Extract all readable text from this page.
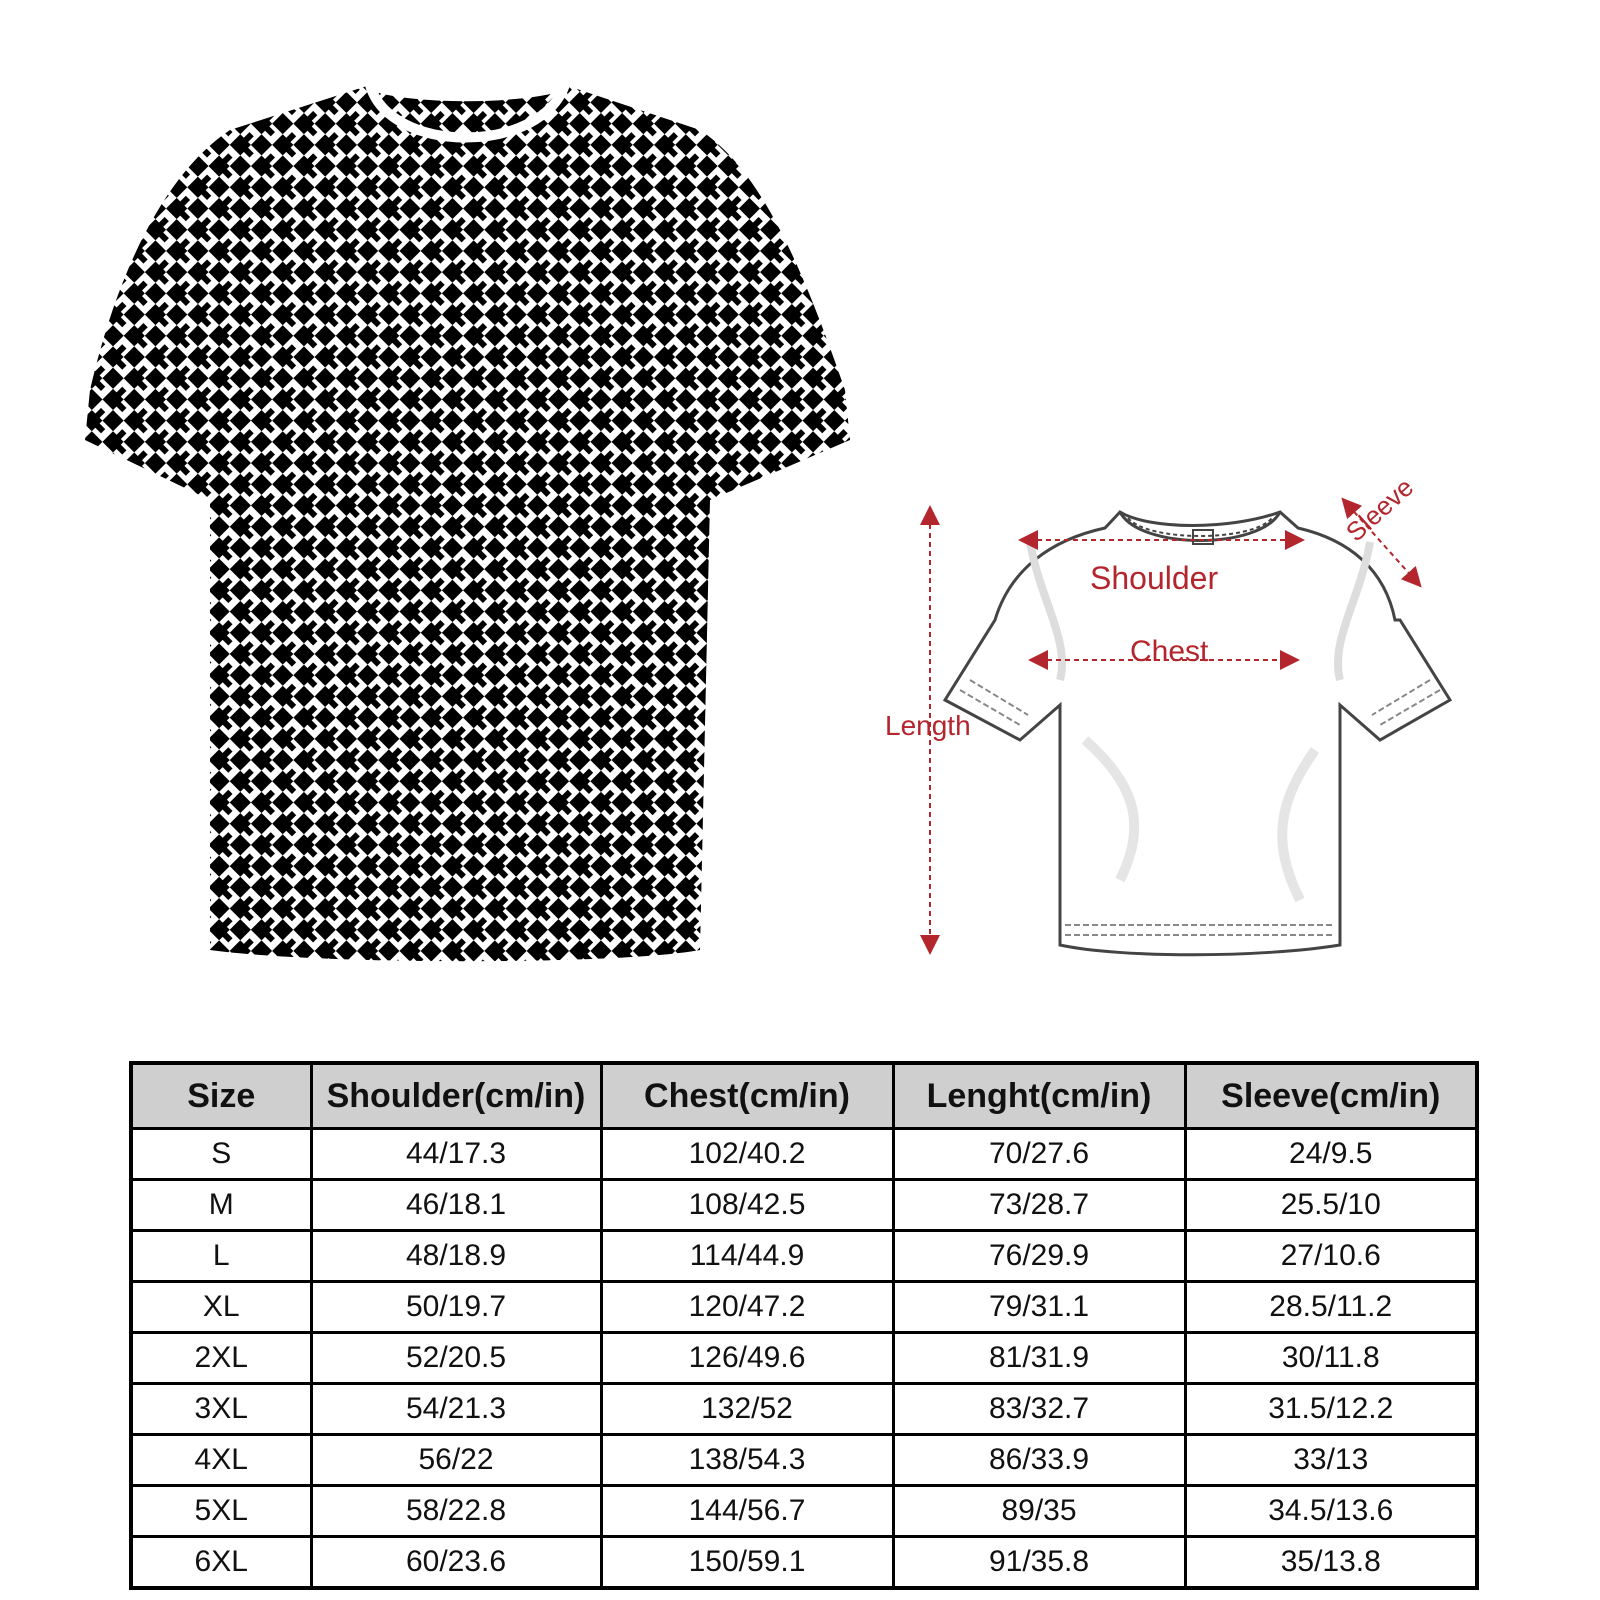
Shoulder
Chest
Length
Sleeve
Size	Shoulder(cm/in)	Chest(cm/in)	Lenght(cm/in)	Sleeve(cm/in)
S	44/17.3	102/40.2	70/27.6	24/9.5
M	46/18.1	108/42.5	73/28.7	25.5/10
L	48/18.9	114/44.9	76/29.9	27/10.6
XL	50/19.7	120/47.2	79/31.1	28.5/11.2
2XL	52/20.5	126/49.6	81/31.9	30/11.8
3XL	54/21.3	132/52	83/32.7	31.5/12.2
4XL	56/22	138/54.3	86/33.9	33/13
5XL	58/22.8	144/56.7	89/35	34.5/13.6
6XL	60/23.6	150/59.1	91/35.8	35/13.8
